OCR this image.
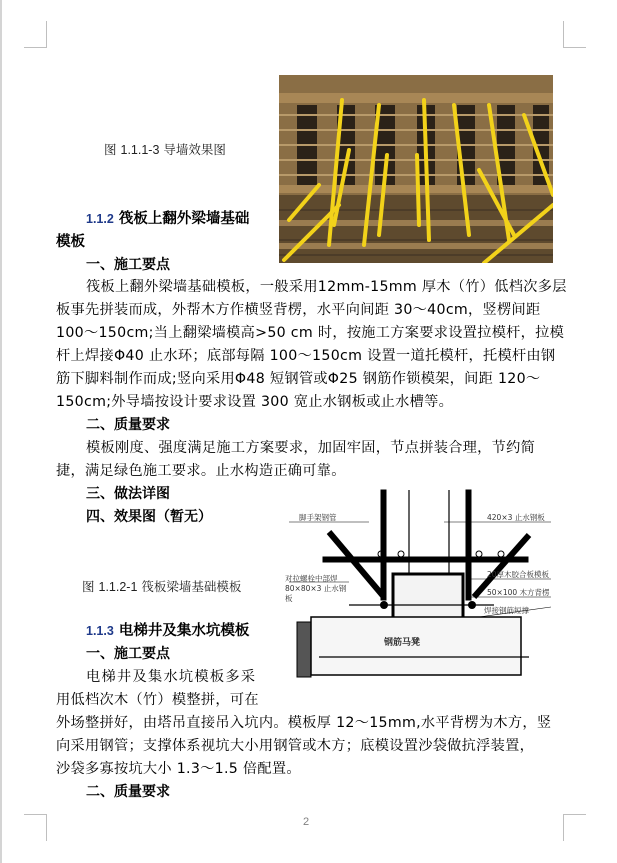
图 1.1.1-3 导墙效果图
1.1.2 筏板上翻外梁墙基础
模板
一、施工要点
筏板上翻外梁墙基础模板，一般采用12mm-15mm 厚木（竹）低档次多层
板事先拼装而成，外帮木方作横竖背楞，水平向间距 30～40cm，竖楞间距
100～150cm;当上翻梁墙模高>50 cm 时，按施工方案要求设置拉模杆，拉模
杆上焊接Φ40 止水环；底部每隔 100～150cm 设置一道托模杆，托模杆由钢
筋下脚料制作而成;竖向采用Φ48 短钢管或Φ25 钢筋作锁模架，间距 120～
150cm;外导墙按设计要求设置 300 宽止水钢板或止水槽等。
二、质量要求
模板刚度、强度满足施工方案要求，加固牢固，节点拼装合理，节约简
捷，满足绿色施工要求。止水构造正确可靠。
三、做法详图
四、效果图（暂无）	脚手架钢管	420×3 止水钢板
对拉螺栓中部焊
80×80×3 止水钢
板
20厚木胶合板模板
50×100 木方背楞
焊接钢筋短撑
钢筋马凳
图 1.1.2-1 筏板梁墙基础模板
1.1.3 电梯井及集水坑模板
一、施工要点
电梯井及集水坑模板多采
用低档次木（竹）模整拼，可在
外场整拼好，由塔吊直接吊入坑内。模板厚 12～15mm,水平背楞为木方，竖
向采用钢管；支撑体系视坑大小用钢管或木方；底模设置沙袋做抗浮装置，
沙袋多寡按坑大小 1.3～1.5 倍配置。
二、质量要求
2
